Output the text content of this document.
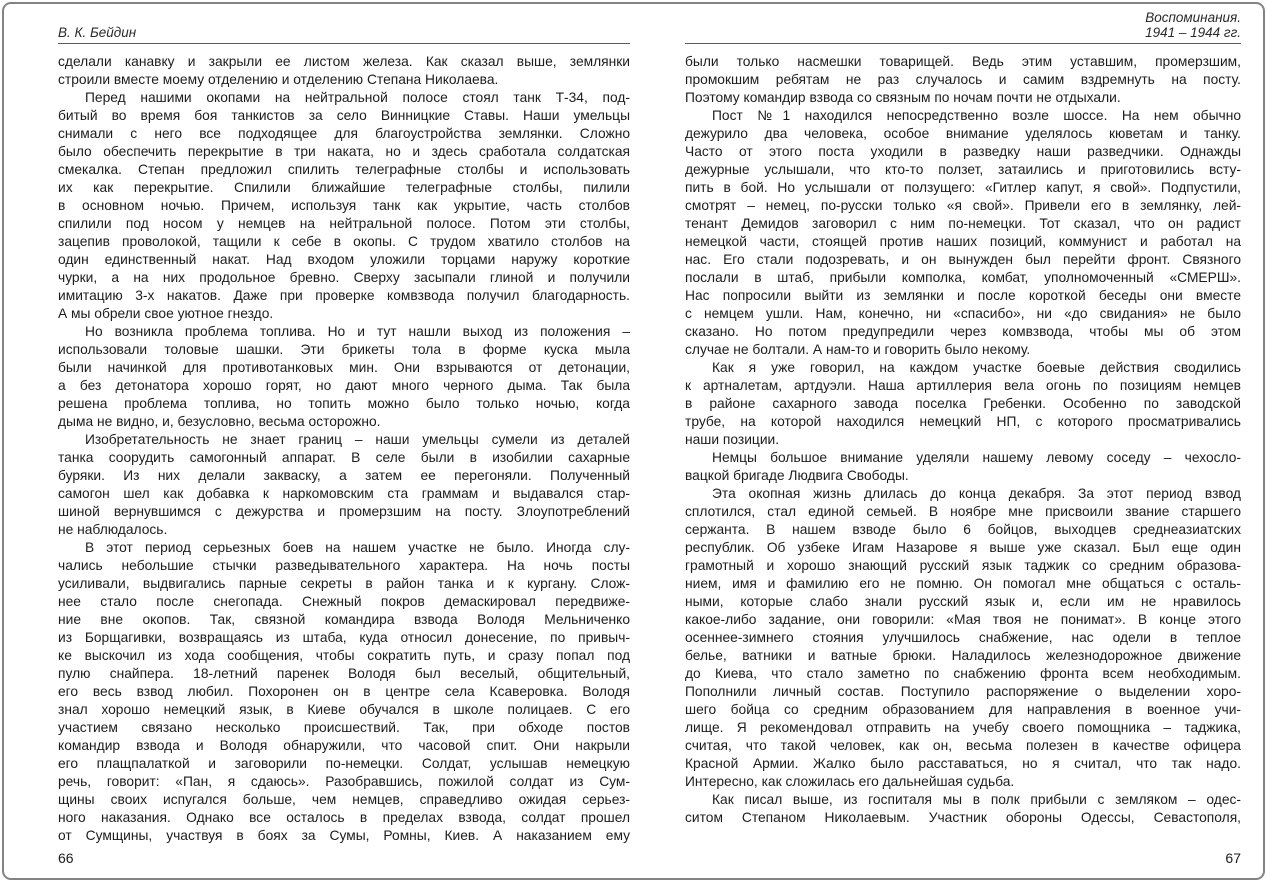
В. К. Бейдин
сделали канавку и закрыли ее листом железа. Как сказал выше, землянки
строили вместе моему отделению и отделению Степана Николаева.
Перед нашими окопами на нейтральной полосе стоял танк Т-34, под-
битый во время боя танкистов за село Винницкие Ставы. Наши умельцы
снимали с него все подходящее для благоустройства землянки. Сложно
было обеспечить перекрытие в три наката, но и здесь сработала солдатская
смекалка. Степан предложил спилить телеграфные столбы и использовать
их как перекрытие. Спилили ближайшие телеграфные столбы, пилили
в основном ночью. Причем, используя танк как укрытие, часть столбов
спилили под носом у немцев на нейтральной полосе. Потом эти столбы,
зацепив проволокой, тащили к себе в окопы. С трудом хватило столбов на
один единственный накат. Над входом уложили торцами наружу короткие
чурки, а на них продольное бревно. Сверху засыпали глиной и получили
имитацию 3-х накатов. Даже при проверке комвзвода получил благодарность.
А мы обрели свое уютное гнездо.
Но возникла проблема топлива. Но и тут нашли выход из положения –
использовали толовые шашки. Эти брикеты тола в форме куска мыла
были начинкой для противотанковых мин. Они взрываются от детонации,
а без детонатора хорошо горят, но дают много черного дыма. Так была
решена проблема топлива, но топить можно было только ночью, когда
дыма не видно, и, безусловно, весьма осторожно.
Изобретательность не знает границ – наши умельцы сумели из деталей
танка соорудить самогонный аппарат. В селе были в изобилии сахарные
буряки. Из них делали закваску, а затем ее перегоняли. Полученный
самогон шел как добавка к наркомовским ста граммам и выдавался стар-
шиной вернувшимся с дежурства и промерзшим на посту. Злоупотреблений
не наблюдалось.
В этот период серьезных боев на нашем участке не было. Иногда слу-
чались небольшие стычки разведывательного характера. На ночь посты
усиливали, выдвигались парные секреты в район танка и к кургану. Слож-
нее стало после снегопада. Снежный покров демаскировал передвиже-
ние вне окопов. Так, связной командира взвода Володя Мельниченко
из Борщагивки, возвращаясь из штаба, куда относил донесение, по привыч-
ке выскочил из хода сообщения, чтобы сократить путь, и сразу попал под
пулю снайпера. 18-летний паренек Володя был веселый, общительный,
его весь взвод любил. Похоронен он в центре села Ксаверовка. Володя
знал хорошо немецкий язык, в Киеве обучался в школе полицаев. С его
участием связано несколько происшествий. Так, при обходе постов
командир взвода и Володя обнаружили, что часовой спит. Они накрыли
его плащпалаткой и заговорили по-немецки. Солдат, услышав немецкую
речь, говорит: «Пан, я сдаюсь». Разобравшись, пожилой солдат из Сум-
щины своих испугался больше, чем немцев, справедливо ожидая серьез-
ного наказания. Однако все осталось в пределах взвода, солдат прошел
от Сумщины, участвуя в боях за Сумы, Ромны, Киев. А наказанием ему
66
Воспоминания.
1941 – 1944 гг.
были только насмешки товарищей. Ведь этим уставшим, промерзшим,
промокшим ребятам не раз случалось и самим вздремнуть на посту.
Поэтому командир взвода со связным по ночам почти не отдыхали.
Пост №1 находился непосредственно возле шоссе. На нем обычно
дежурило два человека, особое внимание уделялось кюветам и танку.
Часто от этого поста уходили в разведку наши разведчики. Однажды
дежурные услышали, что кто-то ползет, затаились и приготовились всту-
пить в бой. Но услышали от ползущего: «Гитлер капут, я свой». Подпустили,
смотрят – немец, по-русски только «я свой». Привели его в землянку, лей-
тенант Демидов заговорил с ним по-немецки. Тот сказал, что он радист
немецкой части, стоящей против наших позиций, коммунист и работал на
нас. Его стали подозревать, и он вынужден был перейти фронт. Связного
послали в штаб, прибыли комполка, комбат, уполномоченный «СМЕРШ».
Нас попросили выйти из землянки и после короткой беседы они вместе
с немцем ушли. Нам, конечно, ни «спасибо», ни «до свидания» не было
сказано. Но потом предупредили через комвзвода, чтобы мы об этом
случае не болтали. А нам-то и говорить было некому.
Как я уже говорил, на каждом участке боевые действия сводились
к артналетам, артдуэли. Наша артиллерия вела огонь по позициям немцев
в районе сахарного завода поселка Гребенки. Особенно по заводской
трубе, на которой находился немецкий НП, с которого просматривались
наши позиции.
Немцы большое внимание уделяли нашему левому соседу – чехосло-
вацкой бригаде Людвига Свободы.
Эта окопная жизнь длилась до конца декабря. За этот период взвод
сплотился, стал единой семьей. В ноябре мне присвоили звание старшего
сержанта. В нашем взводе было 6 бойцов, выходцев среднеазиатских
республик. Об узбеке Игам Назарове я выше уже сказал. Был еще один
грамотный и хорошо знающий русский язык таджик со средним образова-
нием, имя и фамилию его не помню. Он помогал мне общаться с осталь-
ными, которые слабо знали русский язык и, если им не нравилось
какое-либо задание, они говорили: «Мая твоя не понимат». В конце этого
осеннее-зимнего стояния улучшилось снабжение, нас одели в теплое
белье, ватники и ватные брюки. Наладилось железнодорожное движение
до Киева, что стало заметно по снабжению фронта всем необходимым.
Пополнили личный состав. Поступило распоряжение о выделении хоро-
шего бойца со средним образованием для направления в военное учи-
лище. Я рекомендовал отправить на учебу своего помощника – таджика,
считая, что такой человек, как он, весьма полезен в качестве офицера
Красной Армии. Жалко было расставаться, но я считал, что так надо.
Интересно, как сложилась его дальнейшая судьба.
Как писал выше, из госпиталя мы в полк прибыли с земляком – одес-
ситом Степаном Николаевым. Участник обороны Одессы, Севастополя,
67
